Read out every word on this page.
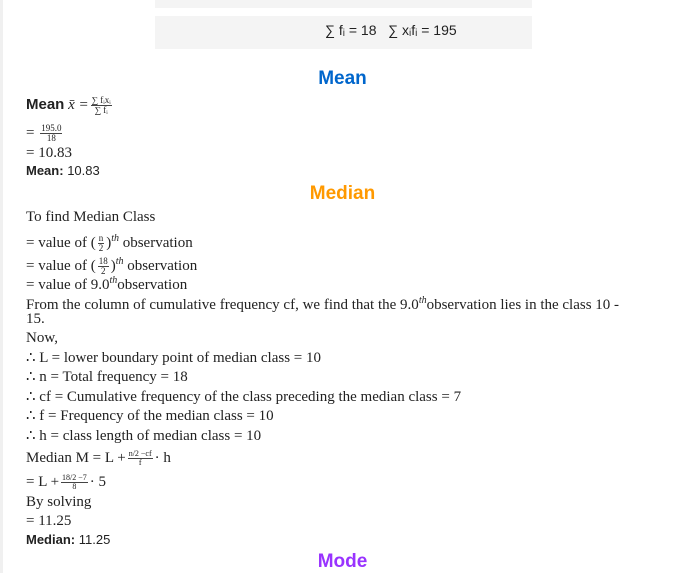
∑ fᵢ = 18 ∑ xᵢfᵢ = 195
Mean
Mean x̄ = ∑ fᵢxᵢ
∑ fᵢ
= $\frac{195.0}{18}$
= 10.83
Mean: 10.83
Median
To find Median Class
= value of ( $\frac{n}{2} )^{th}$ observation
= value of ( $\frac{18}{2} )^{th}$ observation
= value of 9.0thobservation
From the column of cumulative frequency cf, we find that the 9.0thobservation lies in the class 10 -
15.
Now,
∴ L = lower boundary point of median class = 10
∴ n = Total frequency = 18
∴ cf = Cumulative frequency of the class preceding the median class = 7
∴ f = Frequency of the median class = 10
∴ h = class length of median class = 10
Median $M = L + \frac{n/2 -cf}{f} \cdot h$
= $L + \frac{18/2 -7}{8} \cdot 5$
By solving
= 11.25
Median: 11.25
Mode
